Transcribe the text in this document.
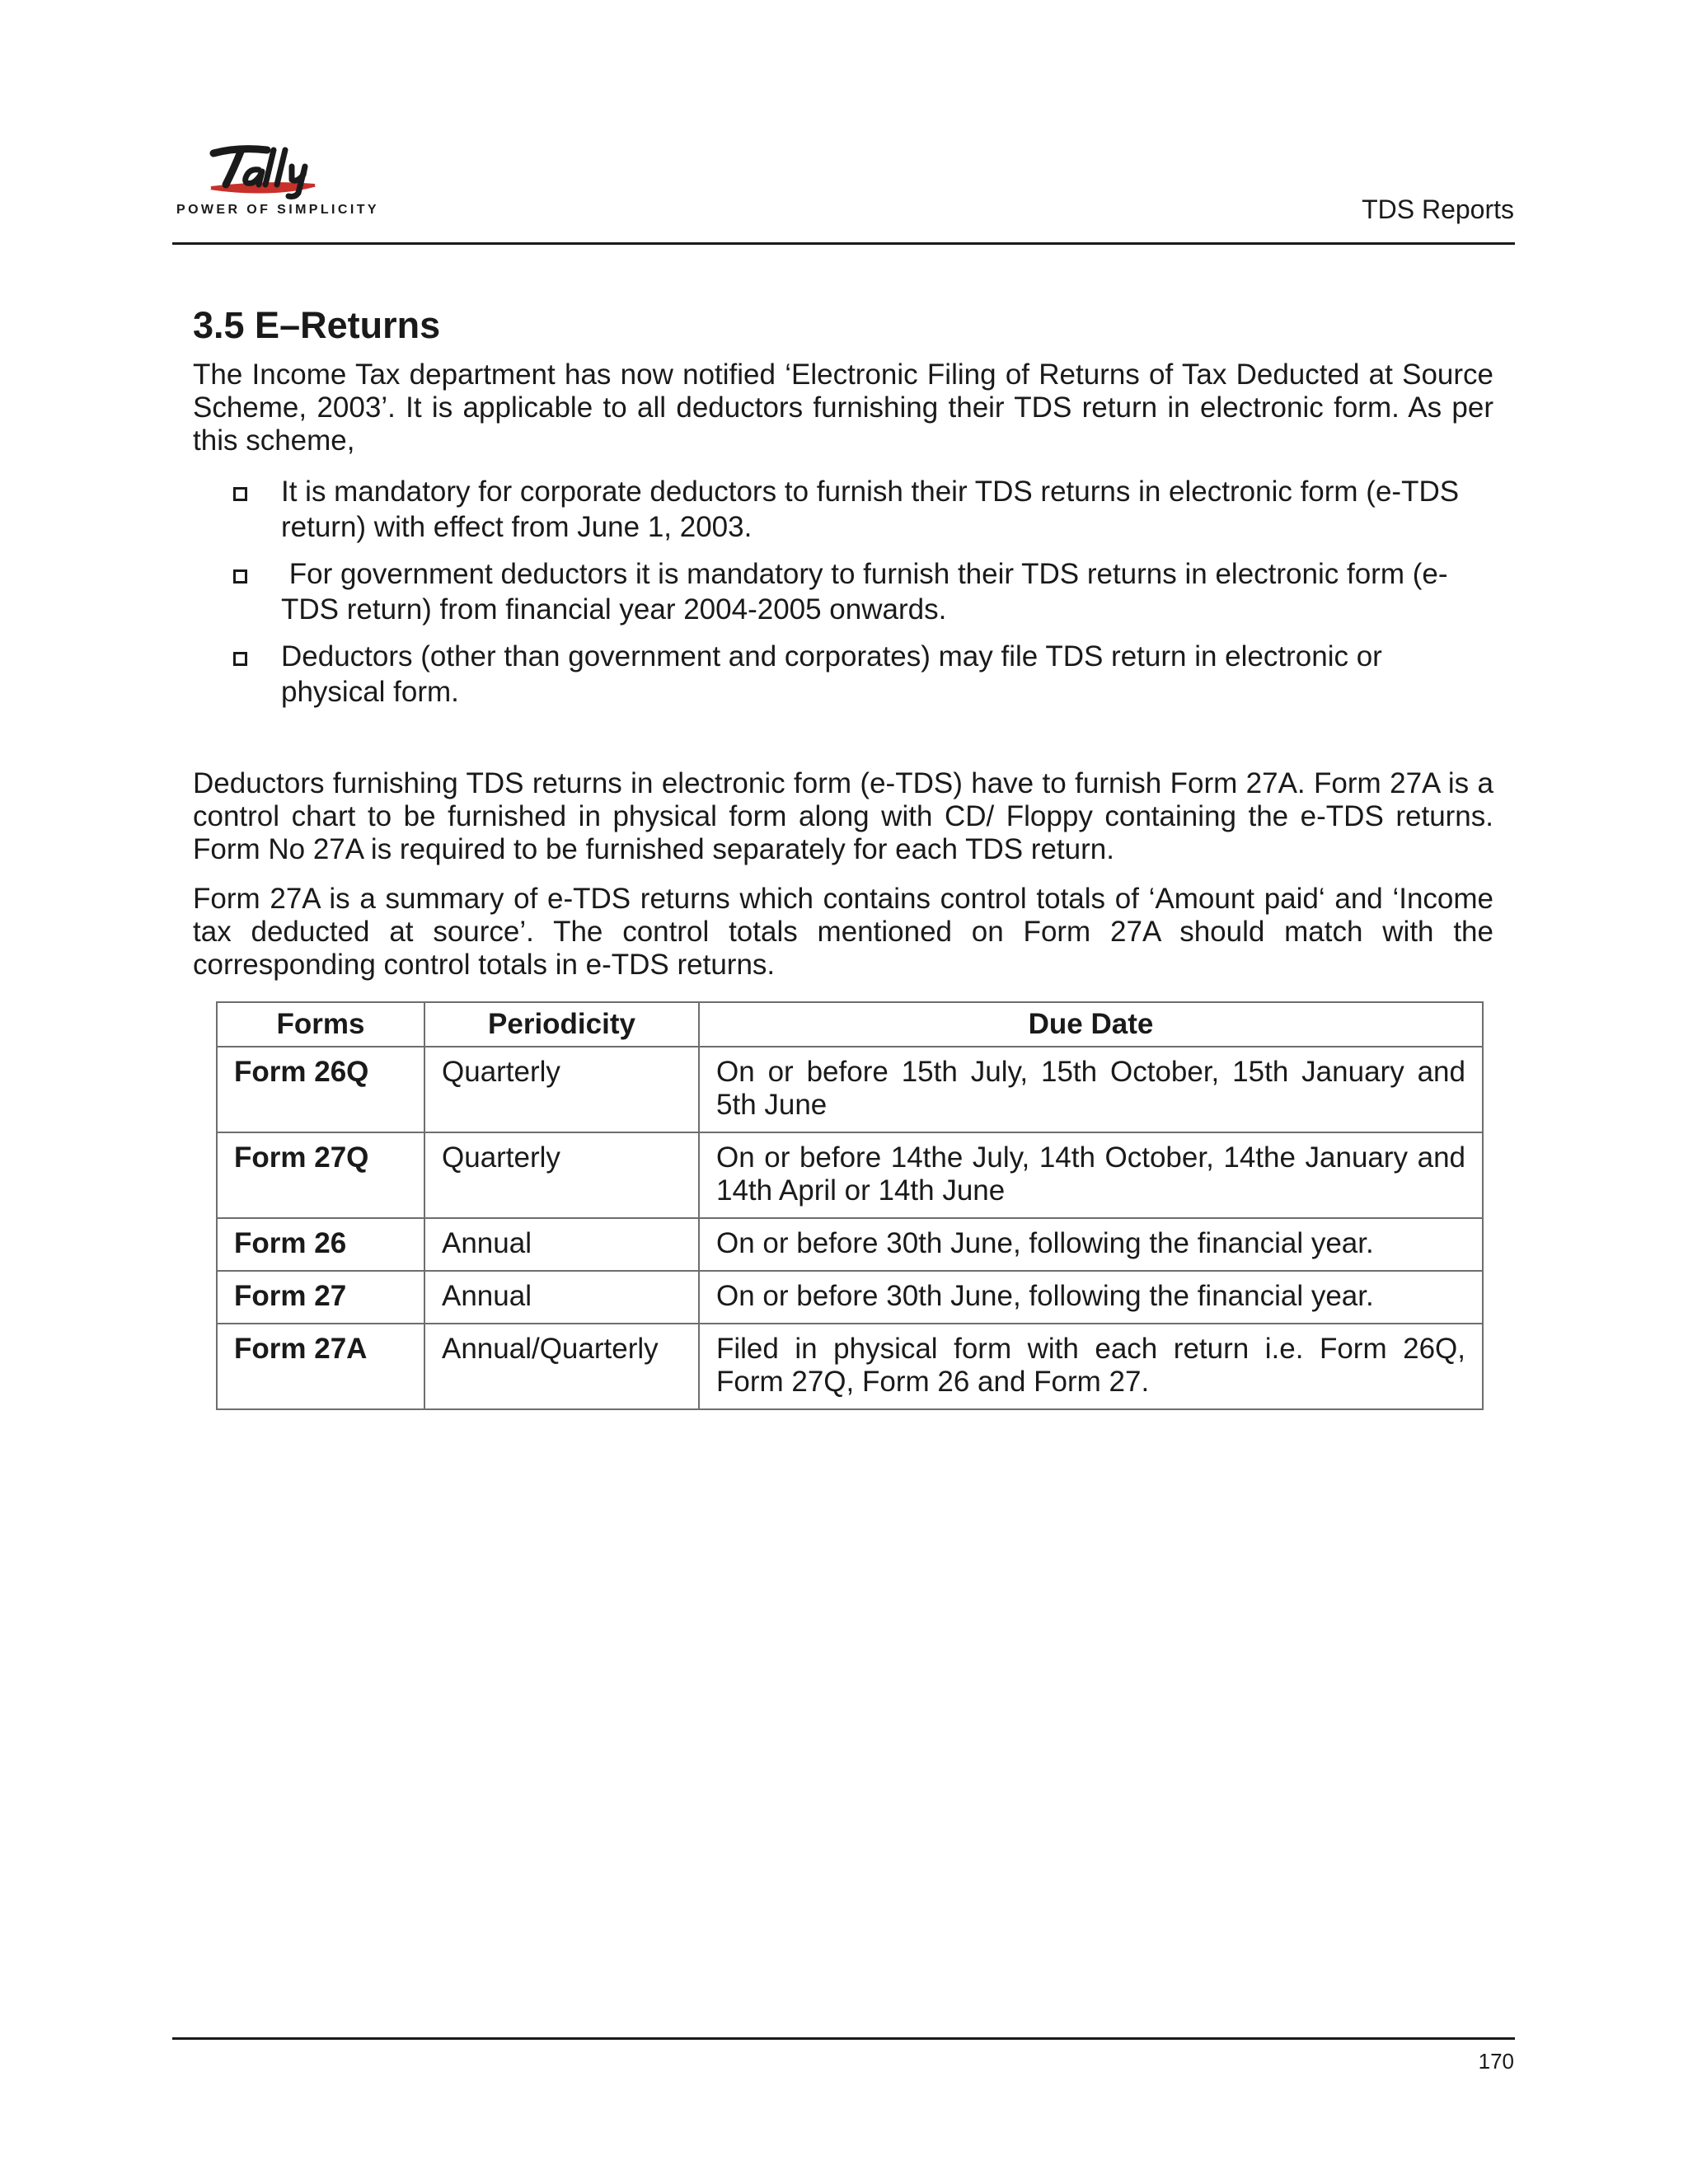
POWER OF SIMPLICITY	TDS Reports
3.5 E–Returns

The Income Tax department has now notified ‘Electronic Filing of Returns of Tax Deducted at Source Scheme, 2003’. It is applicable to all deductors furnishing their TDS return in electronic form. As per this scheme,

It is mandatory for corporate deductors to furnish their TDS returns in electronic form (e-TDS return) with effect from June 1, 2003.
For government deductors it is mandatory to furnish their TDS returns in electronic form (e-TDS return) from financial year 2004-2005 onwards.
Deductors (other than government and corporates) may file TDS return in electronic or physical form.

Deductors furnishing TDS returns in electronic form (e-TDS) have to furnish Form 27A. Form 27A is a control chart to be furnished in physical form along with CD/ Floppy containing the e-TDS returns. Form No 27A is required to be furnished separately for each TDS return.

Form 27A is a summary of e-TDS returns which contains control totals of ‘Amount paid‘ and ‘Income tax deducted at source’. The control totals mentioned on Form 27A should match with the corresponding control totals in e-TDS returns.

Forms	Periodicity	Due Date
Form 26Q	Quarterly	On or before 15th July, 15th October, 15th January and 5th June
Form 27Q	Quarterly	On or before 14the July, 14th October, 14the January and 14th April or 14th June
Form 26	Annual	On or before 30th June, following the financial year.
Form 27	Annual	On or before 30th June, following the financial year.
Form 27A	Annual/Quarterly	Filed in physical form with each return i.e. Form 26Q, Form 27Q, Form 26 and Form 27.
170
